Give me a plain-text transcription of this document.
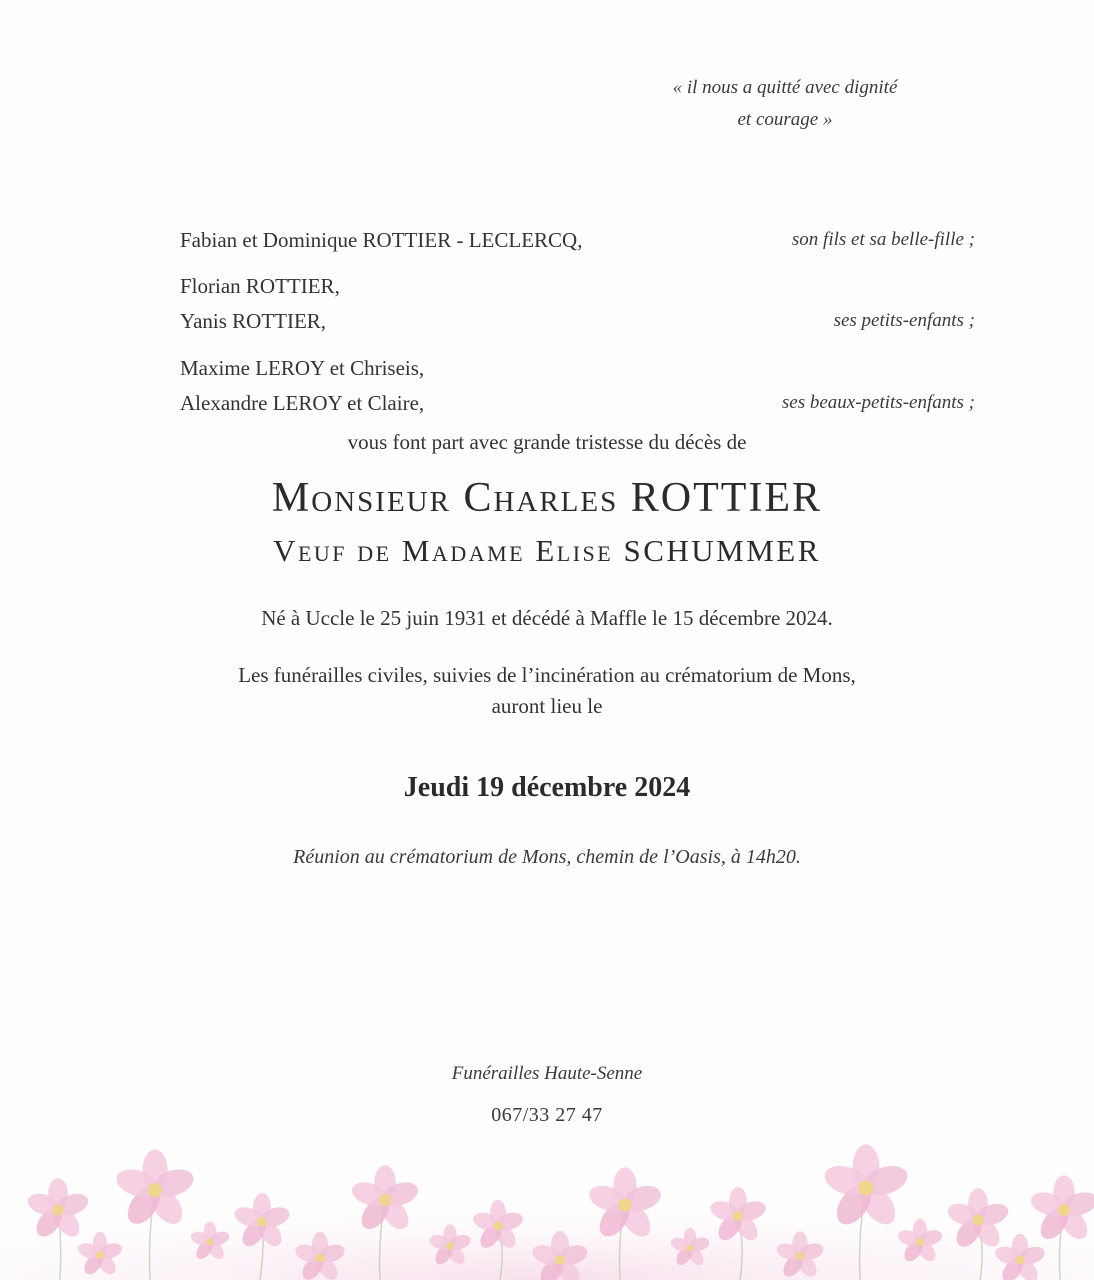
« il nous a quitté avec dignité
et courage »
Fabian et Dominique ROTTIER - LECLERCQ,	son fils et sa belle-fille ;
Florian ROTTIER,
Yanis ROTTIER,	ses petits-enfants ;
Maxime LEROY et Chriseis,
Alexandre LEROY et Claire,	ses beaux-petits-enfants ;
vous font part avec grande tristesse du décès de
Monsieur Charles ROTTIER
Veuf de Madame Elise SCHUMMER
Né à Uccle le 25 juin 1931 et décédé à Maffle le 15 décembre 2024.
Les funérailles civiles, suivies de l’incinération au crématorium de Mons,
auront lieu le
Jeudi 19 décembre 2024
Réunion au crématorium de Mons, chemin de l’Oasis, à 14h20.
Funérailles Haute-Senne
067/33 27 47
